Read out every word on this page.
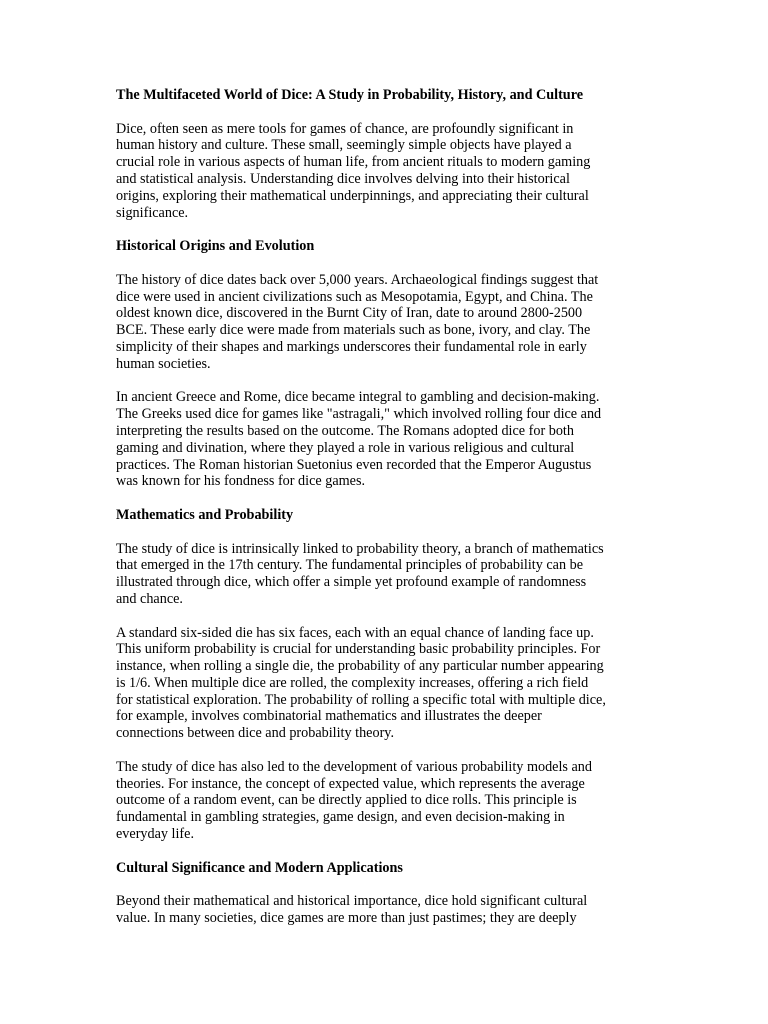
The Multifaceted World of Dice: A Study in Probability, History, and Culture
Dice, often seen as mere tools for games of chance, are profoundly significant in
human history and culture. These small, seemingly simple objects have played a
crucial role in various aspects of human life, from ancient rituals to modern gaming
and statistical analysis. Understanding dice involves delving into their historical
origins, exploring their mathematical underpinnings, and appreciating their cultural
significance.
Historical Origins and Evolution
The history of dice dates back over 5,000 years. Archaeological findings suggest that
dice were used in ancient civilizations such as Mesopotamia, Egypt, and China. The
oldest known dice, discovered in the Burnt City of Iran, date to around 2800-2500
BCE. These early dice were made from materials such as bone, ivory, and clay. The
simplicity of their shapes and markings underscores their fundamental role in early
human societies.
In ancient Greece and Rome, dice became integral to gambling and decision-making.
The Greeks used dice for games like "astragali," which involved rolling four dice and
interpreting the results based on the outcome. The Romans adopted dice for both
gaming and divination, where they played a role in various religious and cultural
practices. The Roman historian Suetonius even recorded that the Emperor Augustus
was known for his fondness for dice games.
Mathematics and Probability
The study of dice is intrinsically linked to probability theory, a branch of mathematics
that emerged in the 17th century. The fundamental principles of probability can be
illustrated through dice, which offer a simple yet profound example of randomness
and chance.
A standard six-sided die has six faces, each with an equal chance of landing face up.
This uniform probability is crucial for understanding basic probability principles. For
instance, when rolling a single die, the probability of any particular number appearing
is 1/6. When multiple dice are rolled, the complexity increases, offering a rich field
for statistical exploration. The probability of rolling a specific total with multiple dice,
for example, involves combinatorial mathematics and illustrates the deeper
connections between dice and probability theory.
The study of dice has also led to the development of various probability models and
theories. For instance, the concept of expected value, which represents the average
outcome of a random event, can be directly applied to dice rolls. This principle is
fundamental in gambling strategies, game design, and even decision-making in
everyday life.
Cultural Significance and Modern Applications
Beyond their mathematical and historical importance, dice hold significant cultural
value. In many societies, dice games are more than just pastimes; they are deeply
